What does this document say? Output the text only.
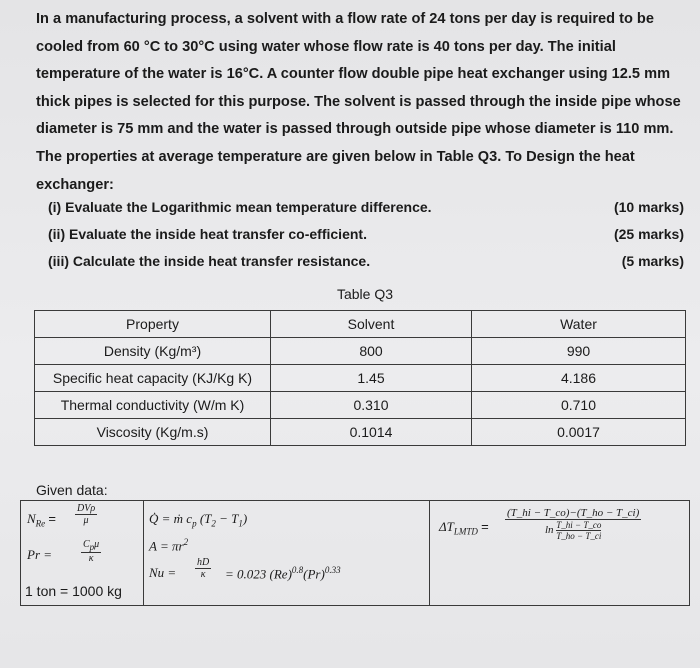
In a manufacturing process, a solvent with a flow rate of 24 tons per day is required to be
cooled from 60 °C to 30°C using water whose flow rate is 40 tons per day. The initial
temperature of the water is 16°C. A counter flow double pipe heat exchanger using 12.5 mm
thick pipes is selected for this purpose. The solvent is passed through the inside pipe whose
diameter is 75 mm and the water is passed through outside pipe whose diameter is 110 mm.
The properties at average temperature are given below in Table Q3. To Design the heat
exchanger:
(i) Evaluate the Logarithmic mean temperature difference.	(10 marks)
(ii) Evaluate the inside heat transfer co-efficient.	(25 marks)
(iii) Calculate the inside heat transfer resistance.	(5 marks)
Table Q3
Property	Solvent	Water
Density (Kg/m³)	800	990
Specific heat capacity (KJ/Kg K)	1.45	4.186
Thermal conductivity (W/m K)	0.310	0.710
Viscosity (Kg/m.s)	0.1014	0.0017
Given data:
$N_{Re}$ =
DVρ
μ
Pr =
$C_p\mu$
κ
1 ton = 1000 kg
Q̇ = ṁ $c_p$ $(T_2 - T_1)$
$A = \pi r^2$
$Nu = \frac{hD}{\kappa} = 0.023$ $(Re)^{0.8}(Pr)^{0.33}$
$\Delta T_{LMTD} = \frac{(T\_hi - T\_co)-(T\_ho - T\_ci)}{\ln \frac{T\_hi - T\_co}{T\_ho - T\_ci}}$
